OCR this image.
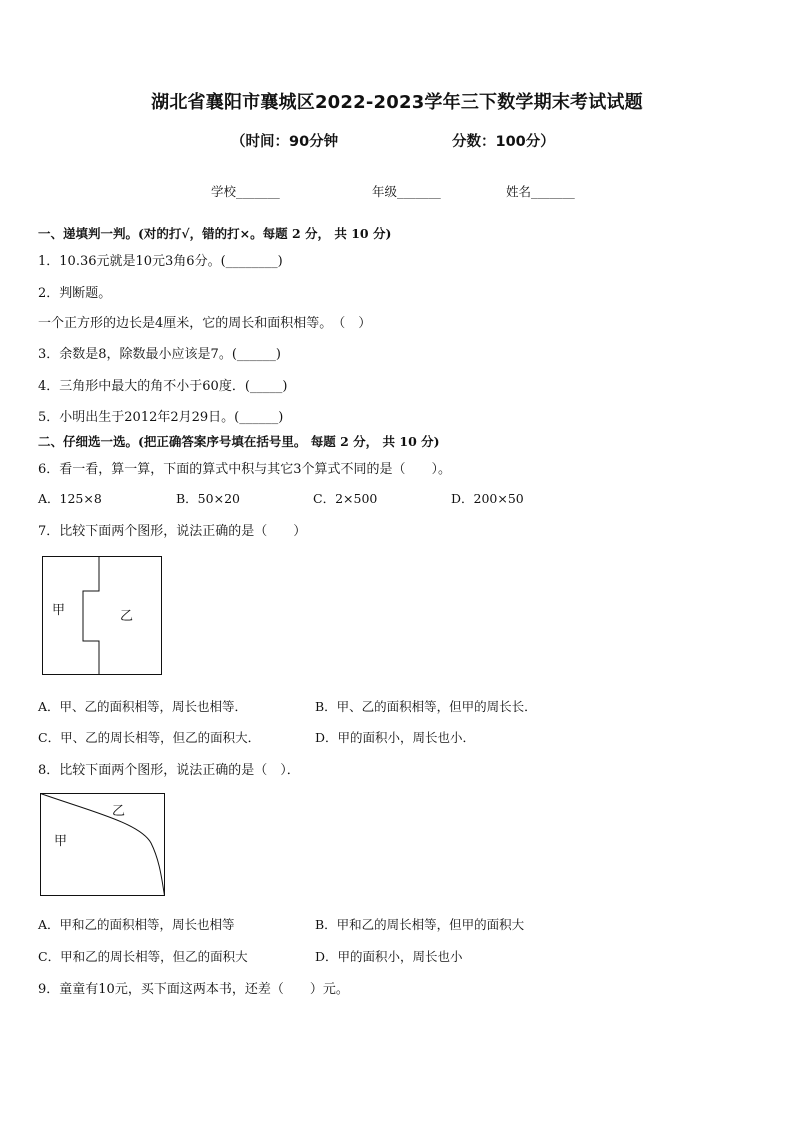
湖北省襄阳市襄城区2022-2023学年三下数学期末考试试题
（时间：90分钟	分数：100分）
学校_______	年级_______	姓名_______
一、递填判一判。(对的打√，错的打×。每题 2 分， 共 10 分)
1．10.36元就是10元3角6分。(________)
2．判断题。
一个正方形的边长是4厘米，它的周长和面积相等。　（　）
3．余数是8，除数最小应该是7。(______)
4．三角形中最大的角不小于60度．(_____)
5．小明出生于2012年2月29日。(______)
二、仔细选一选。(把正确答案序号填在括号里。 每题 2 分， 共 10 分)
6．看一看，算一算，下面的算式中积与其它3个算式不同的是（　　）。
A．125×8	B．50×20	C．2×500	D．200×50
7．比较下面两个图形，说法正确的是（　　）
甲	乙
A．甲、乙的面积相等，周长也相等．	B．甲、乙的面积相等，但甲的周长长．
C．甲、乙的周长相等，但乙的面积大．	D．甲的面积小，周长也小．
8．比较下面两个图形，说法正确的是（　）．
甲
乙
A．甲和乙的面积相等，周长也相等	B．甲和乙的周长相等，但甲的面积大
C．甲和乙的周长相等，但乙的面积大	D．甲的面积小，周长也小
9．童童有10元，买下面这两本书，还差（　　）元。
